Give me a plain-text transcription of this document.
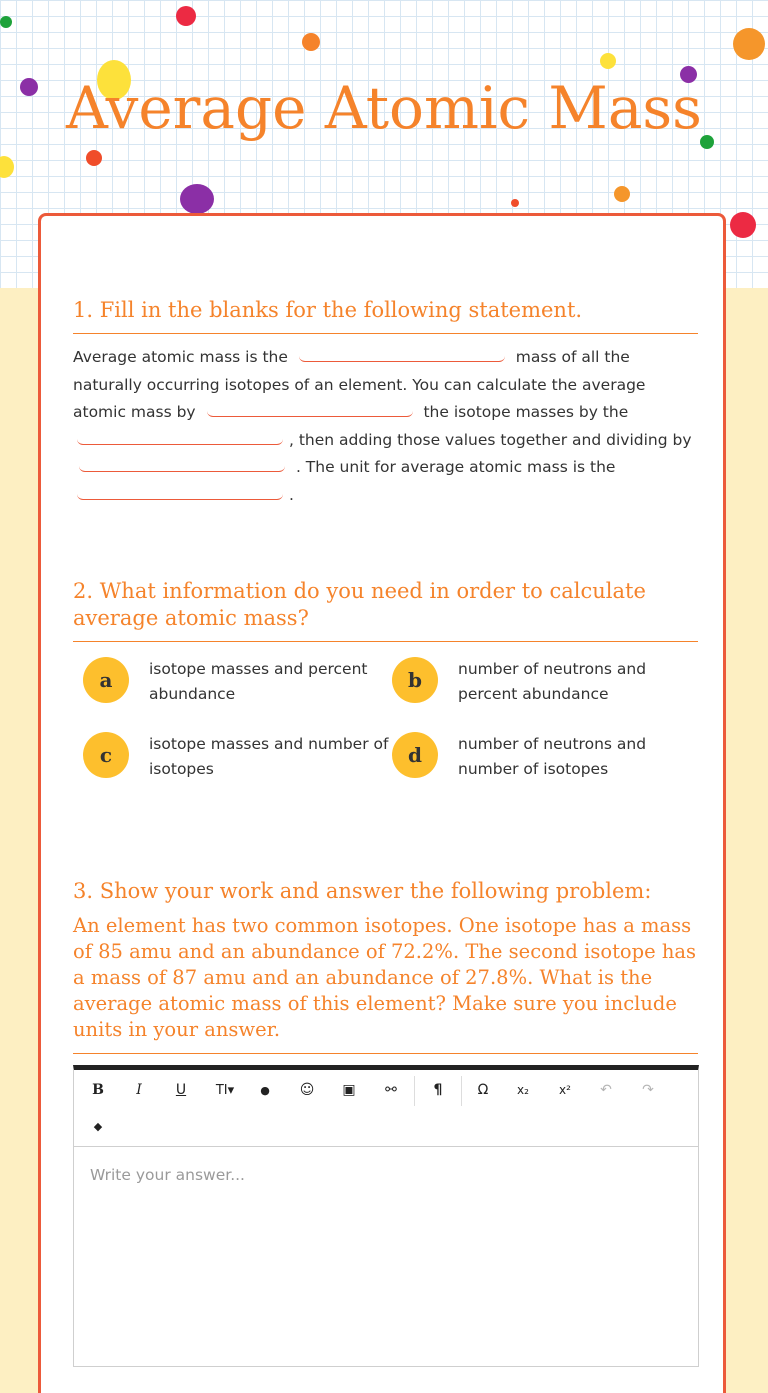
Average Atomic Mass
1. Fill in the blanks for the following statement.
Average atomic mass is the	mass of all the naturally occurring isotopes of an element. You can calculate the average atomic mass by	the isotope masses by the
, then adding those values together and dividing by  . The unit for average atomic mass is the
.
2. What information do you need in order to calculate average atomic mass?
a	isotope masses and percent abundance
b	number of neutrons and percent abundance
c	isotope masses and number of isotopes
d	number of neutrons and number of isotopes
3. Show your work and answer the following problem:
An element has two common isotopes. One isotope has a mass of 85 amu and an abundance of 72.2%. The second isotope has a mass of 87 amu and an abundance of 27.8%. What is the average atomic mass of this element? Make sure you include units in your answer.
B	I	U	TI▾	●	☺	▣	⚯	¶	Ω	x₂	x²	↶	↷
◆
Write your answer...
